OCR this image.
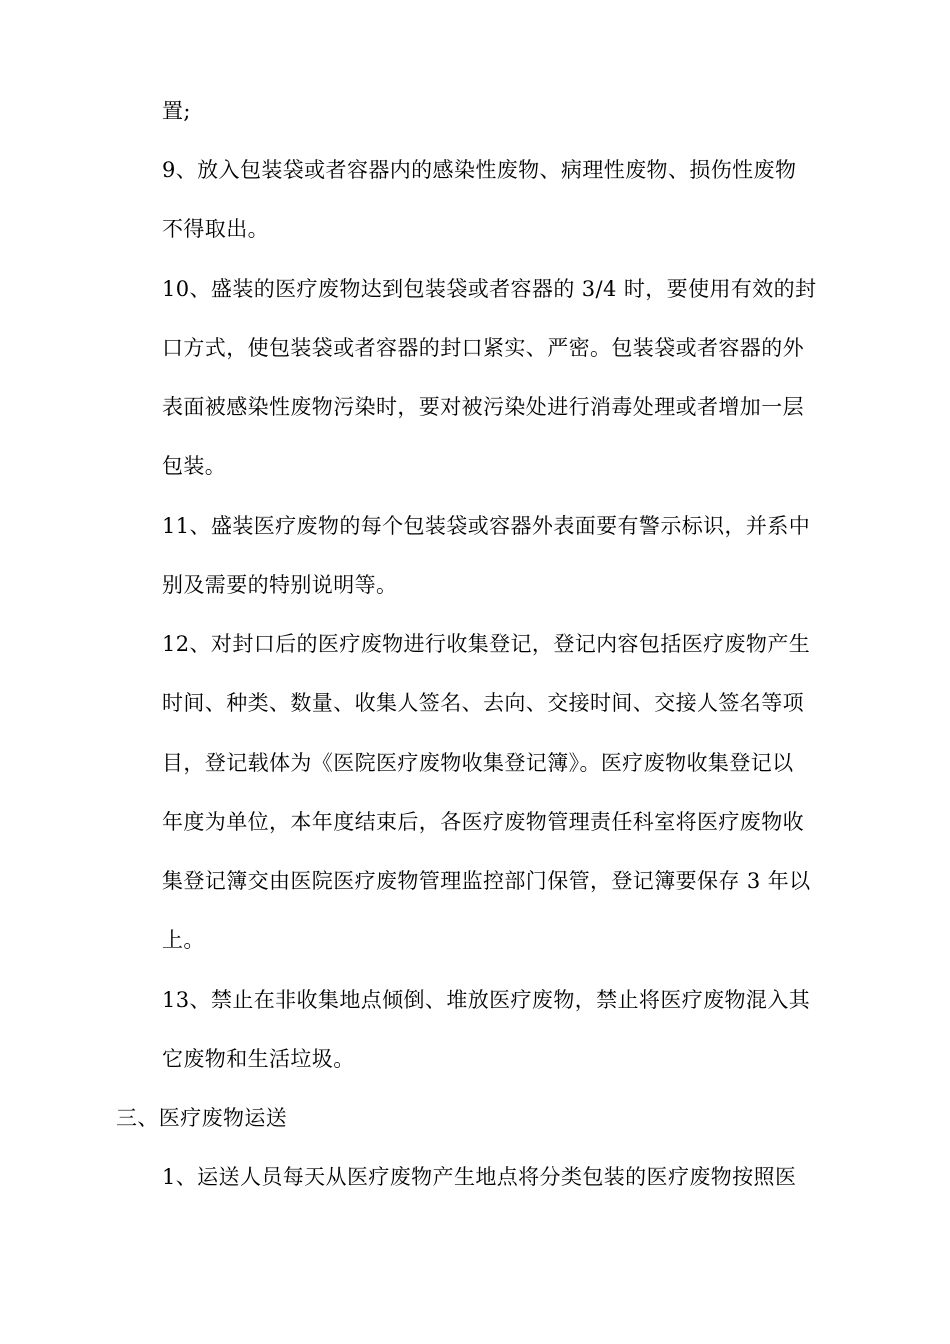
置;
9、放入包装袋或者容器内的感染性废物、病理性废物、损伤性废物
不得取出。
10、盛装的医疗废物达到包装袋或者容器的 3/4 时，要使用有效的封
口方式，使包装袋或者容器的封口紧实、严密。包装袋或者容器的外
表面被感染性废物污染时，要对被污染处进行消毒处理或者增加一层
包装。
11、盛装医疗废物的每个包装袋或容器外表面要有警示标识，并系中
别及需要的特别说明等。
12、对封口后的医疗废物进行收集登记，登记内容包括医疗废物产生
时间、种类、数量、收集人签名、去向、交接时间、交接人签名等项
目，登记载体为《医院医疗废物收集登记簿》。医疗废物收集登记以
年度为单位，本年度结束后，各医疗废物管理责任科室将医疗废物收
集登记簿交由医院医疗废物管理监控部门保管，登记簿要保存 3 年以
上。
13、禁止在非收集地点倾倒、堆放医疗废物，禁止将医疗废物混入其
它废物和生活垃圾。
三、医疗废物运送
1、运送人员每天从医疗废物产生地点将分类包装的医疗废物按照医
